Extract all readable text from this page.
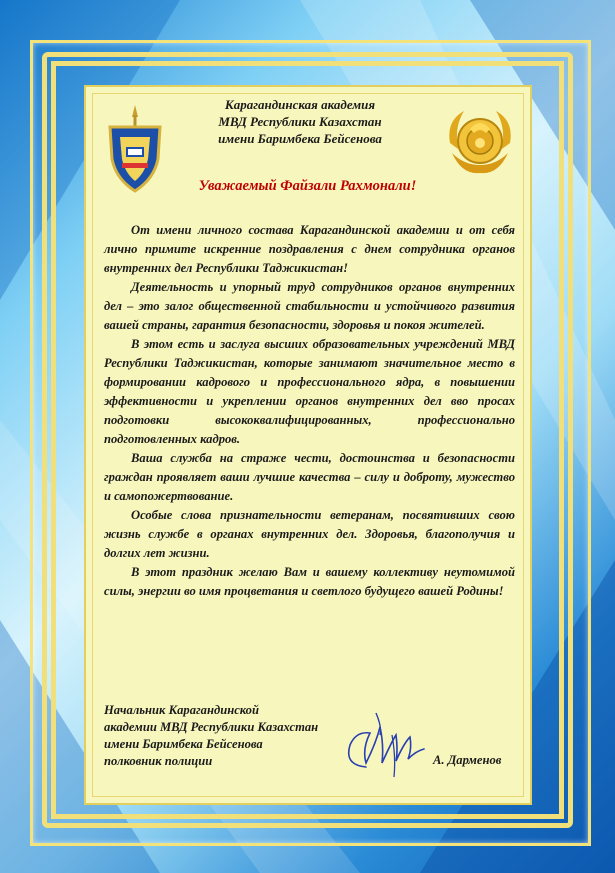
Карагандинская академия
МВД Республики Казахстан
имени Баримбека Бейсенова
Уважаемый Файзали Рахмонали!

От имени личного состава Карагандинской академии и от себя лично примите искренние поздравления с днем сотрудника органов внутренних дел Республики Таджикистан!

Деятельность и упорный труд сотрудников органов внутренних дел – это залог общественной стабильности и устойчивого развития вашей страны, гарантия безопасности, здоровья и покоя жителей.

В этом есть и заслуга высших образовательных учреждений МВД Республики Таджикистан, которые занимают значительное место в формировании кадрового и профессионального ядра, в повышении эффективности и укреплении органов внутренних дел вво просах подготовки высококвалифицированных, профессионально подготовленных кадров.

Ваша служба на страже чести, достоинства и безопасности граждан проявляет ваши лучшие качества – силу и доброту, мужество и самопожертвование.

Особые слова признательности ветеранам, посвятивших свою жизнь службе в органах внутренних дел. Здоровья, благополучия и долгих лет жизни.

В этот праздник желаю Вам и вашему коллективу неутомимой силы, энергии во имя процветания и светлого будущего вашей Родины!

Начальник Карагандинской
академии МВД Республики Казахстан
имени Баримбека Бейсенова
полковник полиции	А. Дарменов
